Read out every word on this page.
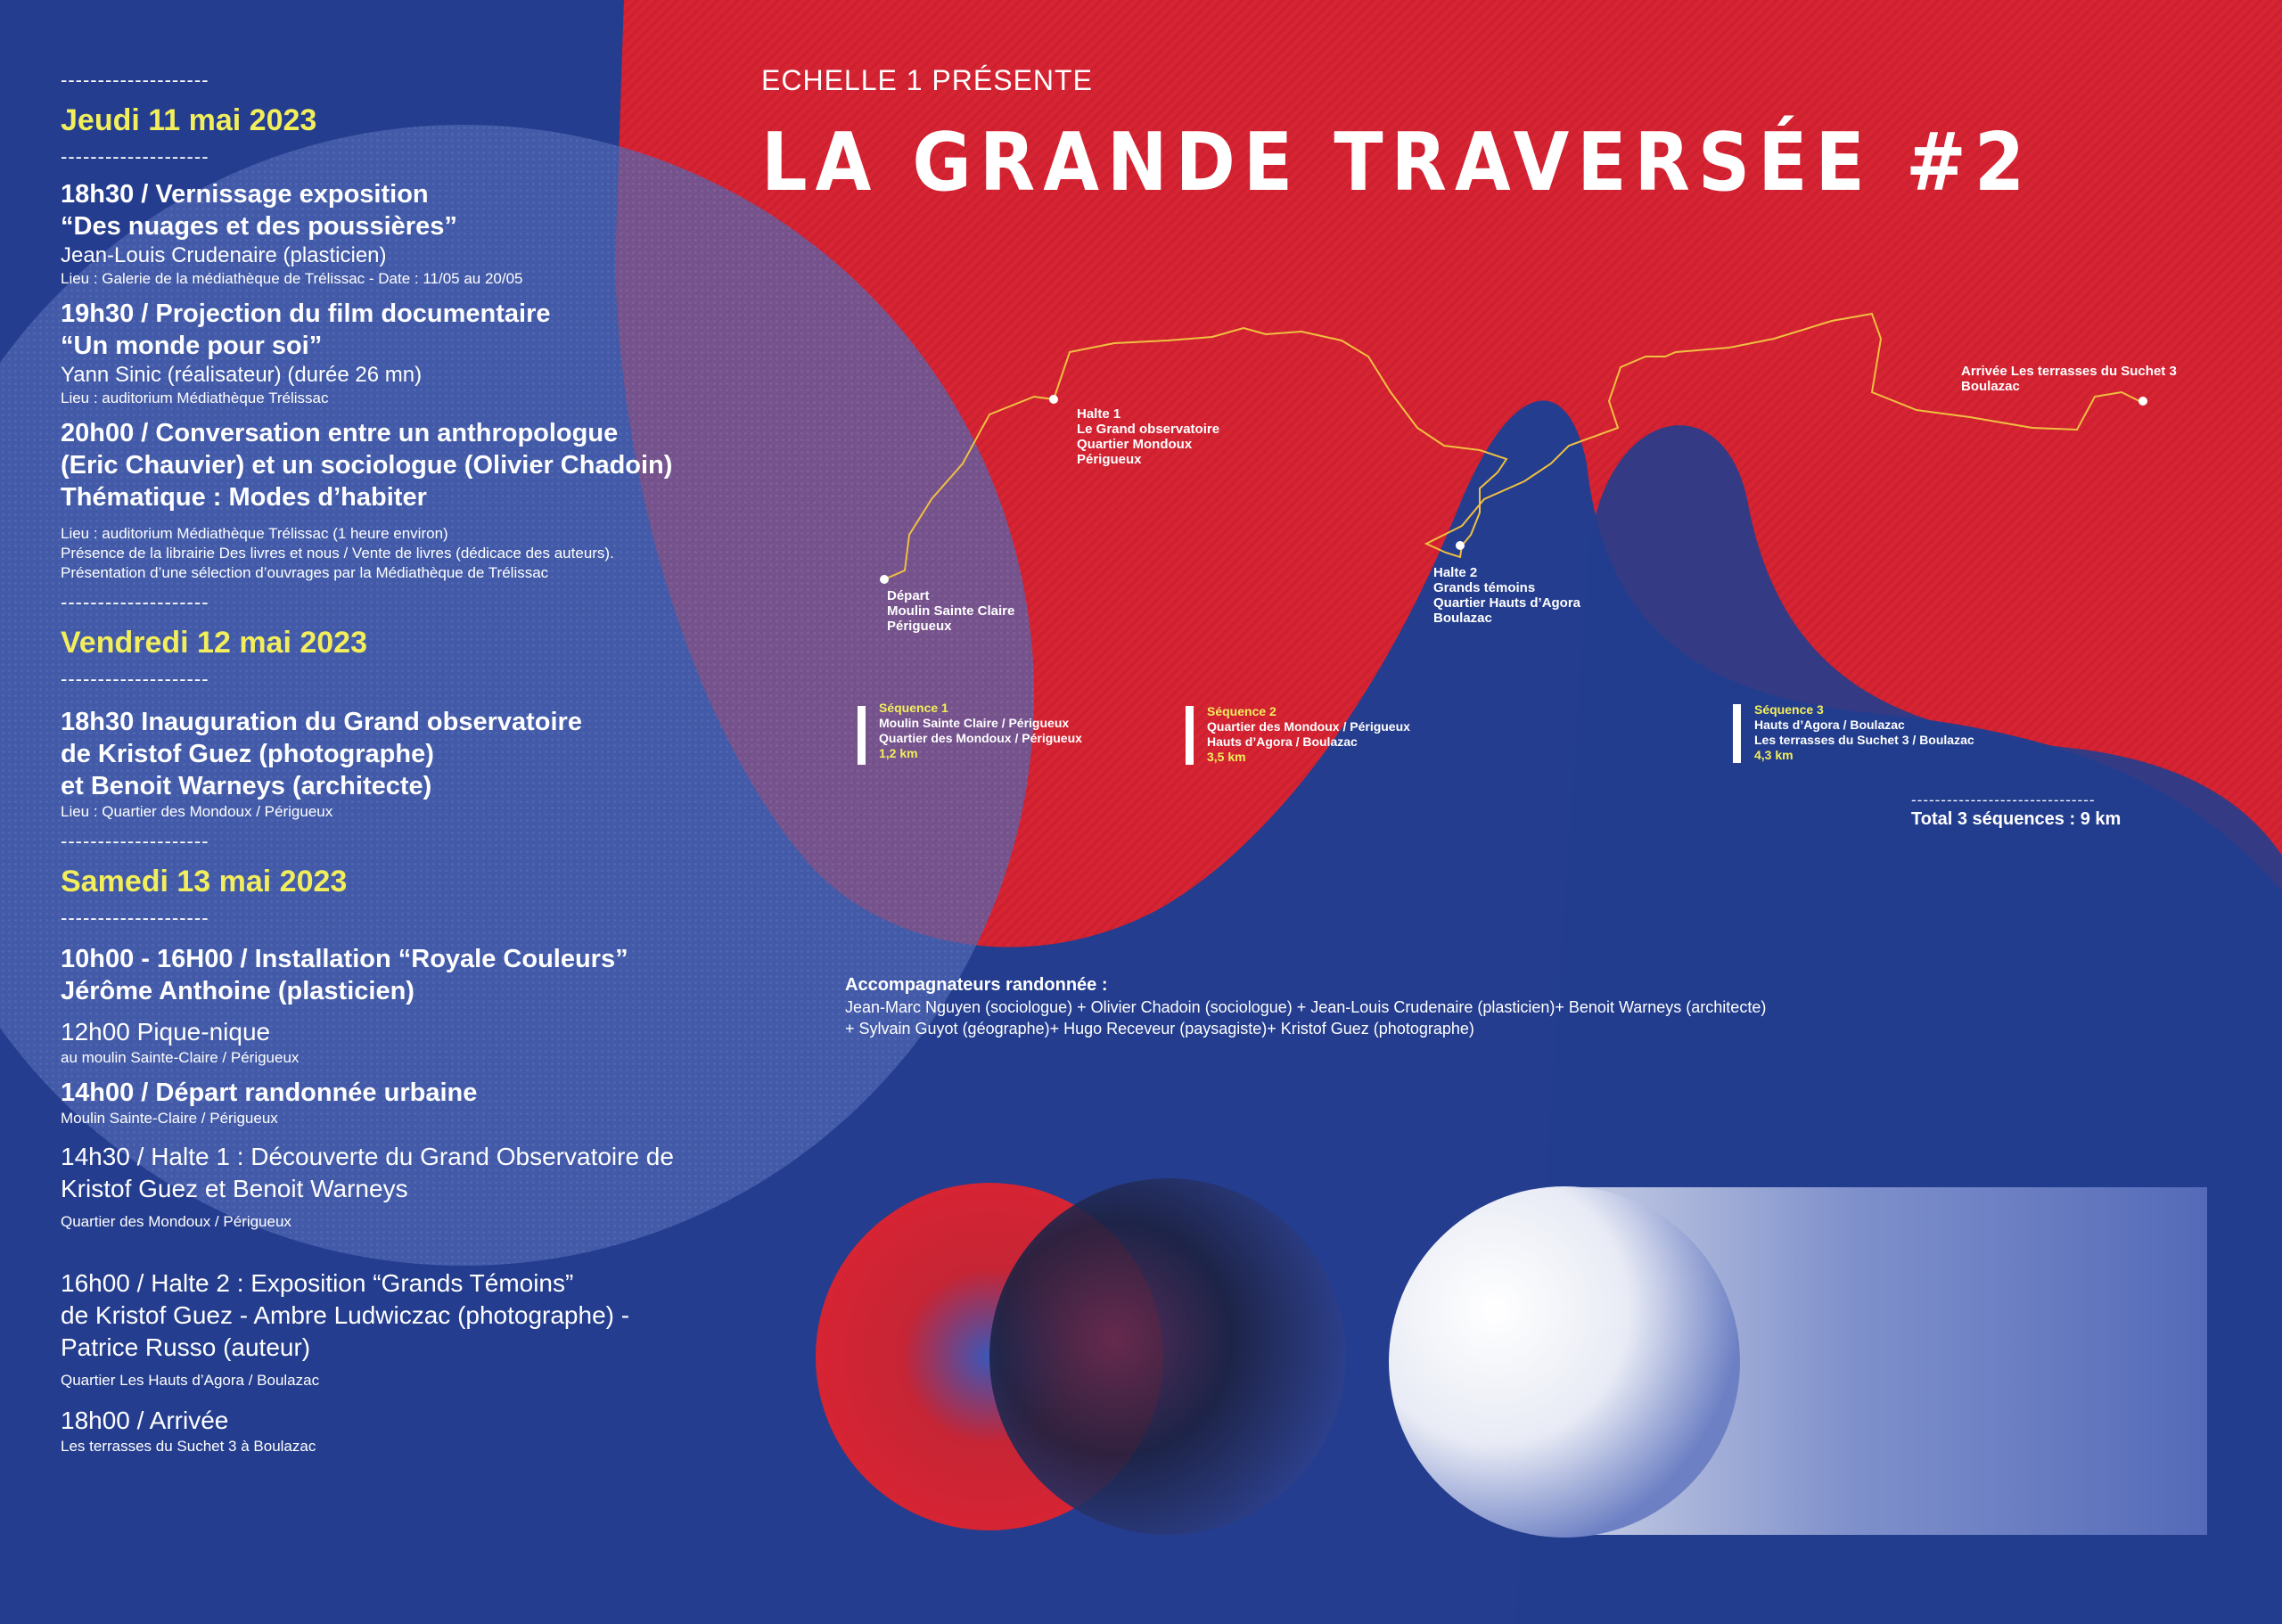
ECHELLE 1 PRÉSENTE
LA GRANDE TRAVERSÉE #2
--------------------
Jeudi 11 mai 2023
--------------------
18h30 / Vernissage exposition
“Des nuages et des poussières”
Jean-Louis Crudenaire (plasticien)
Lieu : Galerie de la médiathèque de Trélissac - Date : 11/05 au 20/05
19h30 / Projection du film documentaire
“Un monde pour soi”
Yann Sinic (réalisateur) (durée 26 mn)
Lieu : auditorium Médiathèque Trélissac
20h00 / Conversation entre un anthropologue
(Eric Chauvier) et un sociologue (Olivier Chadoin)
Thématique : Modes d’habiter
Lieu : auditorium Médiathèque Trélissac (1 heure environ)
Présence de la librairie Des livres et nous / Vente de livres (dédicace des auteurs).
Présentation d’une sélection d’ouvrages par la Médiathèque de Trélissac
--------------------
Vendredi 12 mai 2023
--------------------
18h30 Inauguration du Grand observatoire
de Kristof Guez (photographe)
et Benoit Warneys (architecte)
Lieu : Quartier des Mondoux / Périgueux
--------------------
Samedi 13 mai 2023
--------------------
10h00 - 16H00 / Installation “Royale Couleurs”
Jérôme Anthoine (plasticien)
12h00 Pique-nique
au moulin Sainte-Claire / Périgueux
14h00 / Départ randonnée urbaine
Moulin Sainte-Claire / Périgueux
14h30 / Halte 1 : Découverte du Grand Observatoire de
Kristof Guez et Benoit Warneys
Quartier des Mondoux / Périgueux
16h00 / Halte 2 : Exposition “Grands Témoins”
de Kristof Guez - Ambre Ludwiczac (photographe) -
Patrice Russo (auteur)
Quartier Les Hauts d’Agora / Boulazac
18h00 / Arrivée
Les terrasses du Suchet 3 à Boulazac
Départ
Moulin Sainte Claire
Périgueux
Halte 1
Le Grand observatoire
Quartier Mondoux
Périgueux
Halte 2
Grands témoins
Quartier Hauts d’Agora
Boulazac
Arrivée Les terrasses du Suchet 3
Boulazac
Séquence 1
Moulin Sainte Claire / Périgueux
Quartier des Mondoux / Périgueux
1,2 km
Séquence 2
Quartier des Mondoux / Périgueux
Hauts d’Agora / Boulazac
3,5 km
Séquence 3
Hauts d’Agora / Boulazac
Les terrasses du Suchet 3 / Boulazac
4,3 km
-------------------------------
Total 3 séquences : 9 km
Accompagnateurs randonnée :
Jean-Marc Nguyen (sociologue) + Olivier Chadoin (sociologue) + Jean-Louis Crudenaire (plasticien)+ Benoit Warneys (architecte)
+ Sylvain Guyot (géographe)+ Hugo Receveur (paysagiste)+ Kristof Guez (photographe)
